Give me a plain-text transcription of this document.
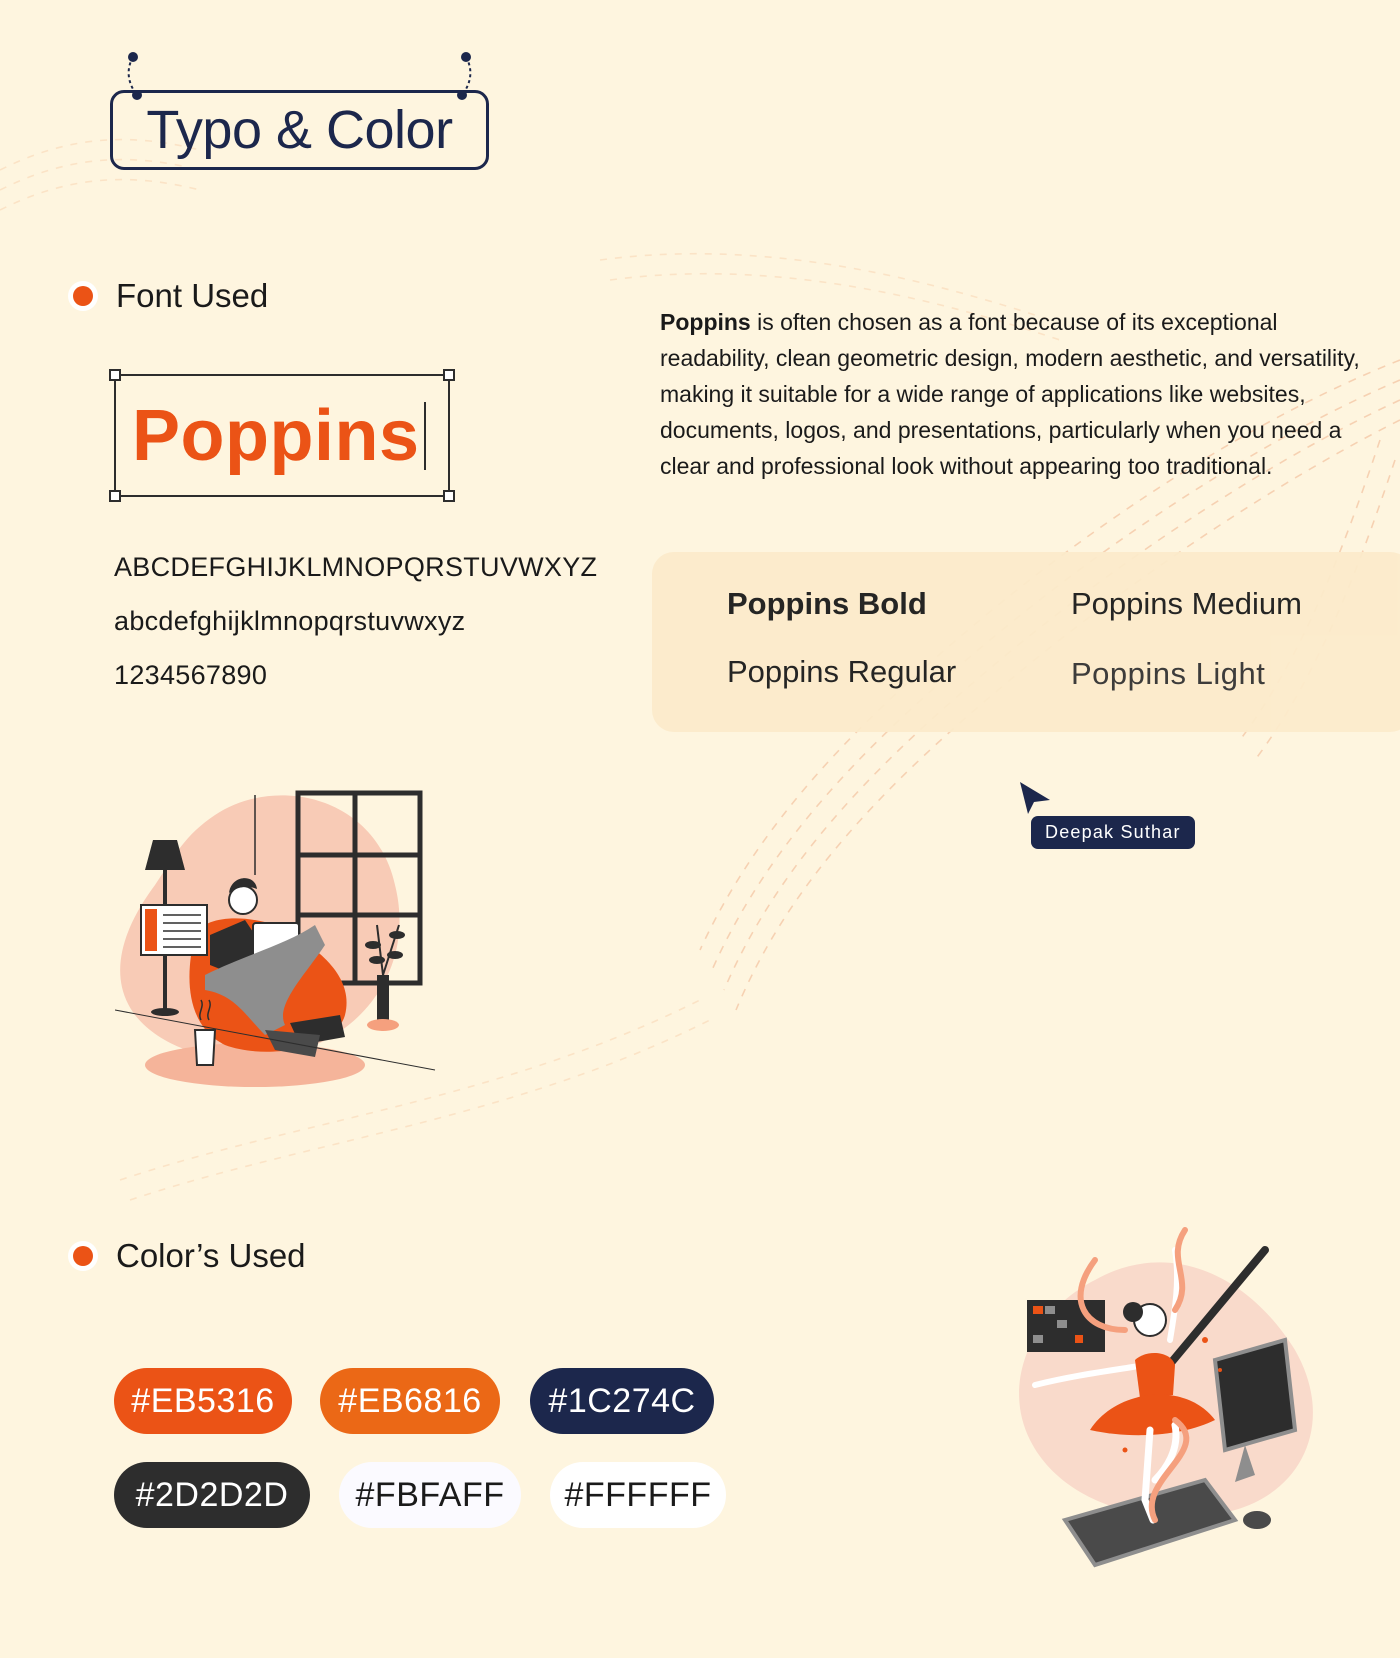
Typo & Color
Font Used
Poppins
ABCDEFGHIJKLMNOPQRSTUVWXYZ
abcdefghijklmnopqrstuvwxyz
1234567890

Poppins is often chosen as a font because of its exceptional readability, clean geometric design, modern aesthetic, and versatility, making it suitable for a wide range of applications like websites, documents, logos, and presentations, particularly when you need a clear and professional look without appearing too traditional.

Poppins Bold	Poppins Medium
Poppins Regular	Poppins Light
Deepak Suthar
Color’s Used
#EB5316 #EB6816 #1C274C
#2D2D2D #FBFAFF #FFFFFF
